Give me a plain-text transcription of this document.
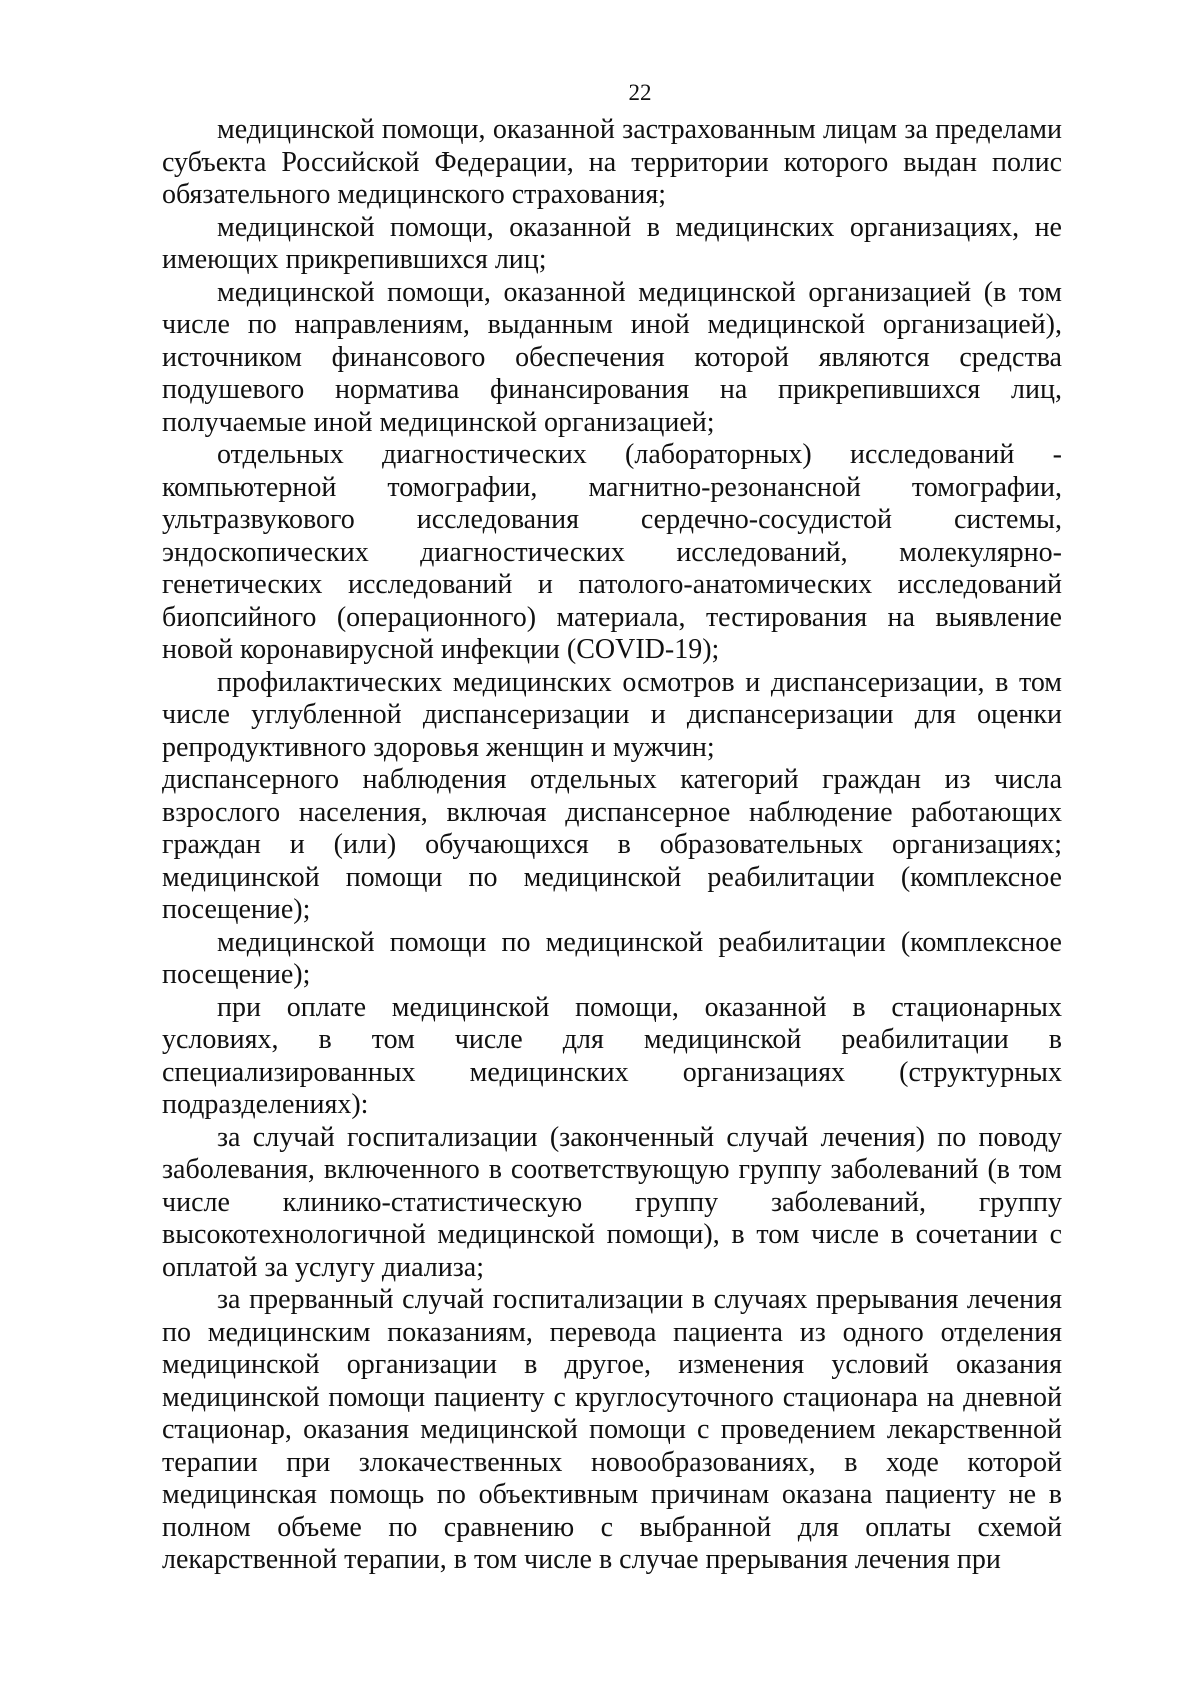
22

медицинской помощи, оказанной застрахованным лицам за пределами субъекта Российской Федерации, на территории которого выдан полис обязательного медицинского страхования;

медицинской помощи, оказанной в медицинских организациях, не имеющих прикрепившихся лиц;

медицинской помощи, оказанной медицинской организацией (в том числе по направлениям, выданным иной медицинской организацией), источником финансового обеспечения которой являются средства подушевого норматива финансирования на прикрепившихся лиц, получаемые иной медицинской организацией;

отдельных диагностических (лабораторных) исследований - компьютерной томографии, магнитно-резонансной томографии, ультразвукового исследования сердечно-сосудистой системы, эндоскопических диагностических исследований, молекулярно-генетических исследований и патолого-анатомических исследований биопсийного (операционного) материала, тестирования на выявление новой коронавирусной инфекции (COVID-19);

профилактических медицинских осмотров и диспансеризации, в том числе углубленной диспансеризации и диспансеризации для оценки репродуктивного здоровья женщин и мужчин;

диспансерного наблюдения отдельных категорий граждан из числа взрослого населения, включая диспансерное наблюдение работающих граждан и (или) обучающихся в образовательных организациях; медицинской помощи по медицинской реабилитации (комплексное посещение);

медицинской помощи по медицинской реабилитации (комплексное посещение);

при оплате медицинской помощи, оказанной в стационарных условиях, в том числе для медицинской реабилитации в специализированных медицинских организациях (структурных подразделениях):

за случай госпитализации (законченный случай лечения) по поводу заболевания, включенного в соответствующую группу заболеваний (в том числе клинико-статистическую группу заболеваний, группу высокотехнологичной медицинской помощи), в том числе в сочетании с оплатой за услугу диализа;

за прерванный случай госпитализации в случаях прерывания лечения по медицинским показаниям, перевода пациента из одного отделения медицинской организации в другое, изменения условий оказания медицинской помощи пациенту с круглосуточного стационара на дневной стационар, оказания медицинской помощи с проведением лекарственной терапии при злокачественных новообразованиях, в ходе которой медицинская помощь по объективным причинам оказана пациенту не в полном объеме по сравнению с выбранной для оплаты схемой лекарственной терапии, в том числе в случае прерывания лечения при
